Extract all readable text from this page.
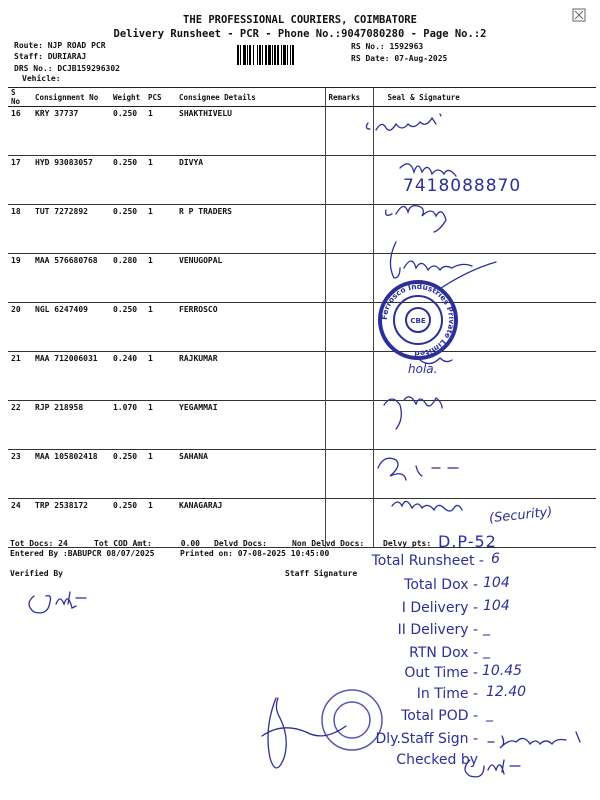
THE PROFESSIONAL COURIERS, COIMBATORE
Delivery Runsheet - PCR - Phone No.:9047080280 - Page No.:2
Route: NJP ROAD PCR
Staff: DURIARAJ
DRS No.: DCJB159296302
Vehicle:
RS No.: 1592963
RS Date: 07-Aug-2025
S No	Consignment No	Weight	PCS	Consignee Details	Remarks	Seal & Signature
16	KRY 37737	0.250	1	SHAKTHIVELU		
17	HYD 93083057	0.250	1	DIVYA		
18	TUT 7272892	0.250	1	R P TRADERS		
19	MAA 576680768	0.280	1	VENUGOPAL		
20	NGL 6247409	0.250	1	FERROSCO		
21	MAA 712006031	0.240	1	RAJKUMAR		
22	RJP 218958	1.070	1	YEGAMMAI		
23	MAA 105802418	0.250	1	SAHANA		
24	TRP 2538172	0.250	1	KANAGARAJ		
Ferrosco Industries Private Limited
CBE
7418088870
hola.
(Security)
Tot Docs: 24	Tot COD Amt:      0.00 Delvd Docs:	Non Delvd Docs: Delvy pts: D.P-52
Entered By :BABUPCR 08/07/2025	Printed on: 07-08-2025 10:45:00
Verified By	Staff Signature
Total Runsheet - 6
Total Dox - 104
I Delivery - 104
II Delivery - _
RTN Dox - _
Out Time - 10.45
In Time - 12.40
Total POD - _
Dly.Staff Sign -
Checked by
